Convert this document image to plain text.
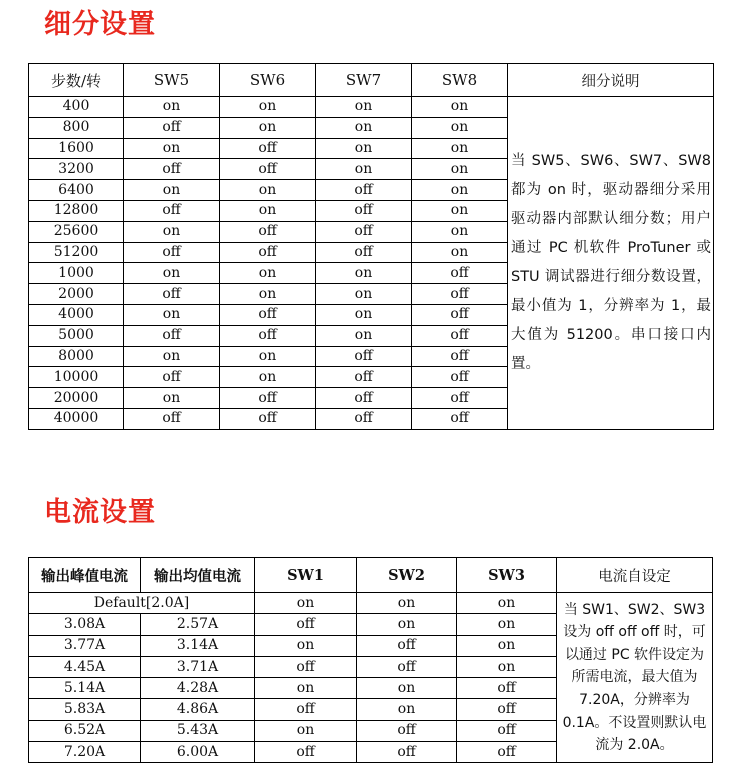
细分设置
步数/转	SW5	SW6	SW7	SW8	细分说明
400	on	on	on	on	当 SW5、SW6、SW7、SW8 都为 on 时，驱动器细分采用驱动器内部默认细分数；用户通过 PC 机软件 ProTuner 或 STU 调试器进行细分数设置，最小值为 1，分辨率为 1，最大值为 51200。串口接口内置。
800	off	on	on	on	
1600	on	off	on	on	
3200	off	off	on	on	
6400	on	on	off	on	
12800	off	on	off	on	
25600	on	off	off	on	
51200	off	off	off	on	
1000	on	on	on	off	
2000	off	on	on	off	
4000	on	off	on	off	
5000	off	off	on	off	
8000	on	on	off	off	
10000	off	on	off	off	
20000	on	off	off	off	
40000	off	off	off	off	
电流设置
输出峰值电流	输出均值电流	SW1	SW2	SW3	电流自设定
Default[2.0A]		on	on	on	当 SW1、SW2、SW3 设为 off off off 时，可以通过 PC 软件设定为所需电流，最大值为 7.20A，分辨率为 0.1A。不设置则默认电流为 2.0A。
3.08A	2.57A	off	on	on	
3.77A	3.14A	on	off	on	
4.45A	3.71A	off	off	on	
5.14A	4.28A	on	on	off	
5.83A	4.86A	off	on	off	
6.52A	5.43A	on	off	off	
7.20A	6.00A	off	off	off	
